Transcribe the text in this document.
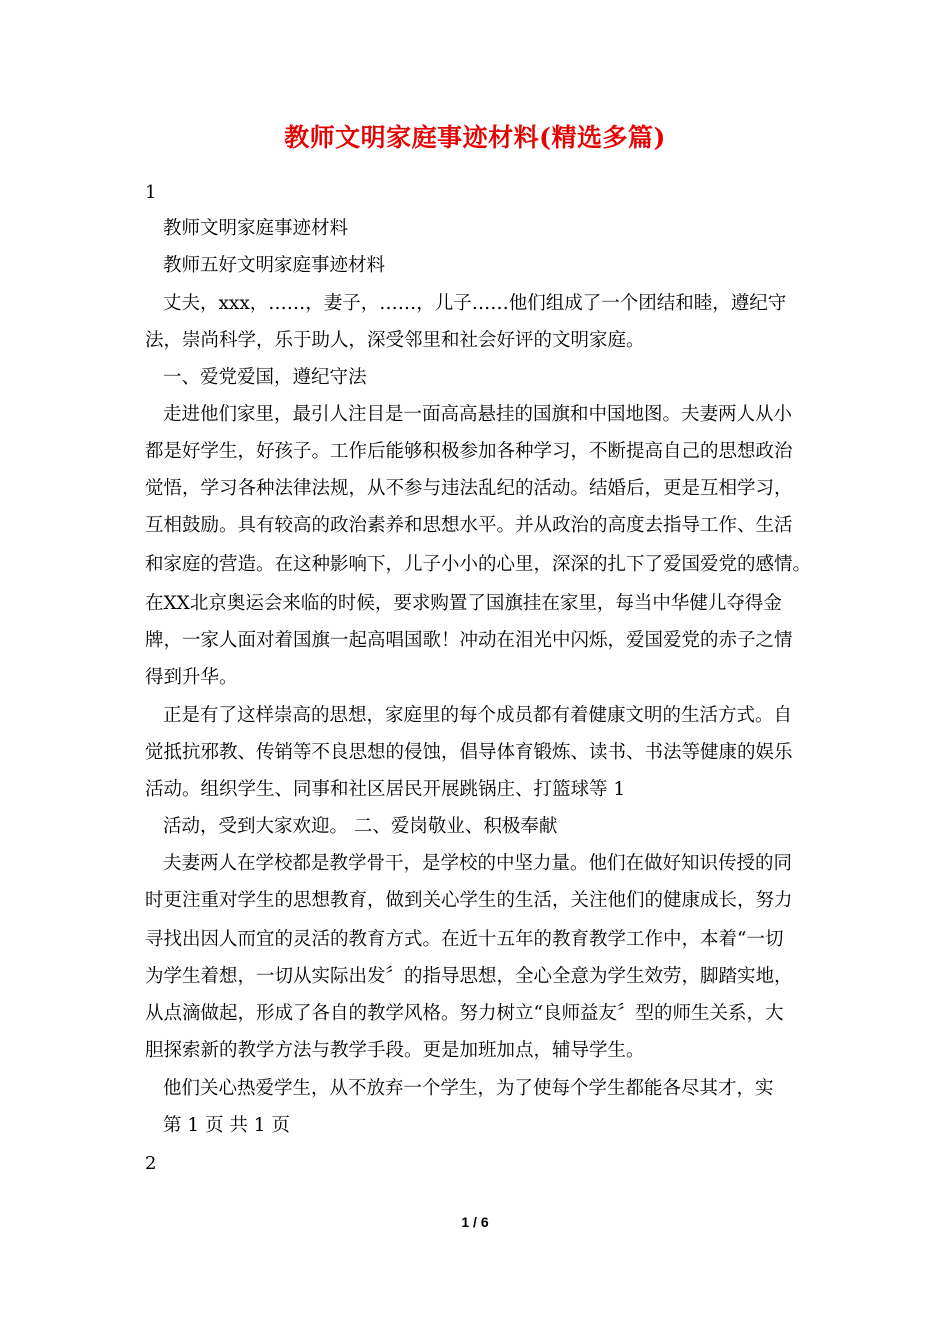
教师文明家庭事迹材料(精选多篇)
1
教师文明家庭事迹材料
教师五好文明家庭事迹材料
丈夫，xxx，……，妻子，……，儿子……他们组成了一个团结和睦，遵纪守
法，崇尚科学，乐于助人，深受邻里和社会好评的文明家庭。
一、爱党爱国，遵纪守法
走进他们家里，最引人注目是一面高高悬挂的国旗和中国地图。夫妻两人从小
都是好学生，好孩子。工作后能够积极参加各种学习，不断提高自己的思想政治
觉悟，学习各种法律法规，从不参与违法乱纪的活动。结婚后，更是互相学习，
互相鼓励。具有较高的政治素养和思想水平。并从政治的高度去指导工作、生活
和家庭的营造。在这种影响下，儿子小小的心里，深深的扎下了爱国爱党的感情。
在XX北京奥运会来临的时候，要求购置了国旗挂在家里，每当中华健儿夺得金
牌，一家人面对着国旗一起高唱国歌！冲动在泪光中闪烁，爱国爱党的赤子之情
得到升华。
正是有了这样崇高的思想，家庭里的每个成员都有着健康文明的生活方式。自
觉抵抗邪教、传销等不良思想的侵蚀，倡导体育锻炼、读书、书法等健康的娱乐
活动。组织学生、同事和社区居民开展跳锅庄、打篮球等 1
活动，受到大家欢迎。 二、爱岗敬业、积极奉献
夫妻两人在学校都是教学骨干，是学校的中坚力量。他们在做好知识传授的同
时更注重对学生的思想教育，做到关心学生的生活，关注他们的健康成长，努力
寻找出因人而宜的灵活的教育方式。在近十五年的教育教学工作中，本着“一切
为学生着想，一切从实际出发〞的指导思想，全心全意为学生效劳，脚踏实地，
从点滴做起，形成了各自的教学风格。努力树立“良师益友〞型的师生关系，大
胆探索新的教学方法与教学手段。更是加班加点，辅导学生。
他们关心热爱学生，从不放弃一个学生，为了使每个学生都能各尽其才，实
第 1 页 共 1 页
2
1 / 6
